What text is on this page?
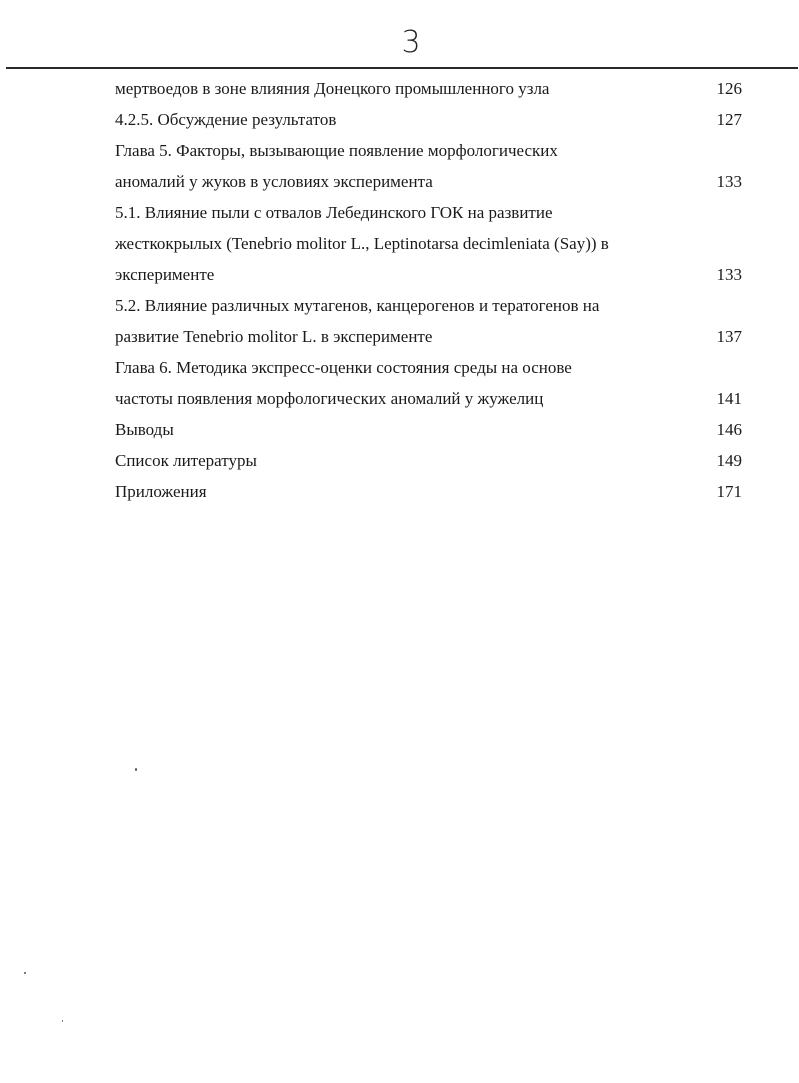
3
мертвоедов в зоне влияния Донецкого промышленного узла	126
4.2.5. Обсуждение результатов	127
Глава 5. Факторы, вызывающие появление морфологических
аномалий у жуков в условиях эксперимента	133
5.1. Влияние пыли с отвалов Лебединского ГОК на развитие
жесткокрылых (Tenebrio molitor L., Leptinotarsa decimleniata (Say)) в
эксперименте	133
5.2. Влияние различных мутагенов, канцерогенов и тератогенов на
развитие Tenebrio molitor L. в эксперименте	137
Глава 6. Методика экспресс-оценки состояния среды на основе
частоты появления морфологических аномалий у жужелиц	141
Выводы	146
Список литературы	149
Приложения	171
